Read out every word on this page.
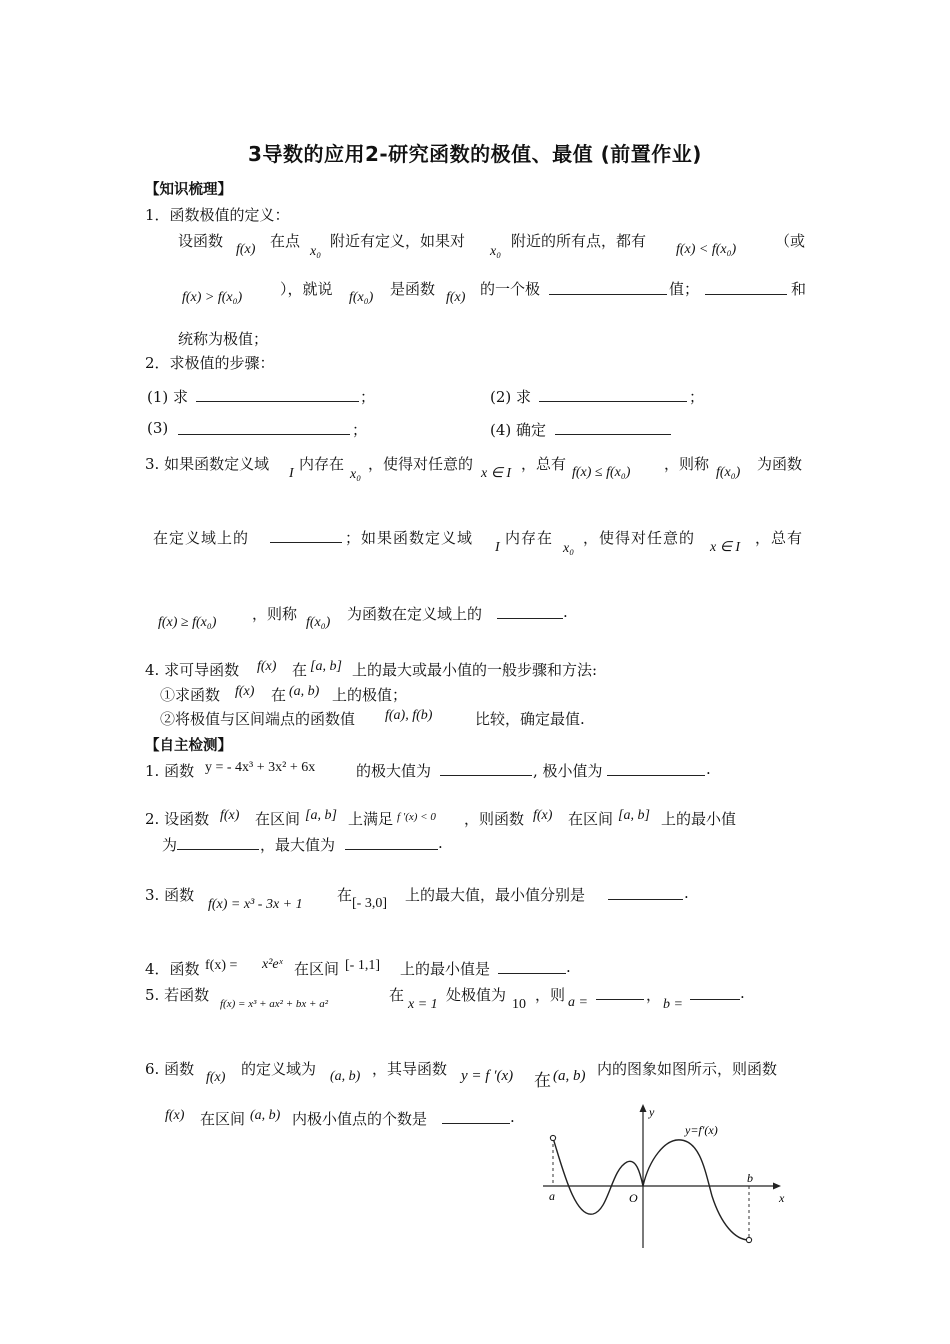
3导数的应用2-研究函数的极值、最值 (前置作业)
【知识梳理】
1．函数极值的定义：
设函数 f(x) 在点
x₀
附近有定义，如果对
x₀
附近的所有点，都有 f(x) < f(x₀)	（或
f(x) > f(x₀)	），就说 f(x₀) 是函数 f(x) 的一个极	值；	和
统称为极值；
2．求极值的步骤：
(1) 求	；	(2) 求	；
(3)	；	(4) 确定
3. 如果函数定义域
I
内存在
x₀
，使得对任意的
x ∈ I
，总有 f(x) ≤ f(x₀) ，则称 f(x₀) 为函数
在定义域上的	；如果函数定义域
I
内存在
x₀
，使得对任意的
x ∈ I
，总有
f(x) ≥ f(x₀) ，则称 f(x₀) 为函数在定义域上的	.
4. 求可导函数 f(x) 在 [a, b] 上的最大或最小值的一般步骤和方法:
①求函数 f(x) 在 (a, b) 上的极值；
②将极值与区间端点的函数值 f(a), f(b)	比较，确定最值.
【自主检测】
1. 函数 y = - 4x³ + 3x² + 6x	的极大值为	, 极小值为	.
2. 设函数 f(x) 在区间 [a, b] 上满足 f ′(x) < 0 ，则函数 f(x) 在区间 [a, b] 上的最小值
为	，最大值为	.
3. 函数
f(x) = x³ - 3x + 1
在 [- 3,0] 上的最大值，最小值分别是	.
4．函数 f(x) = x²eˣ 在区间 [- 1,1] 上的最小值是	.
5. 若函数 f(x) = x³ + ax² + bx + a²	在
x = 1
处极值为
10
，则 a =	，
b =
.
6. 函数 f(x) 的定义域为 (a, b) ，其导函数 y = f ′(x) 在 (a, b) 内的图象如图所示，则函数
f(x) 在区间 (a, b) 内极小值点的个数是	.	y
x
y=f′(x)
a
b
O
